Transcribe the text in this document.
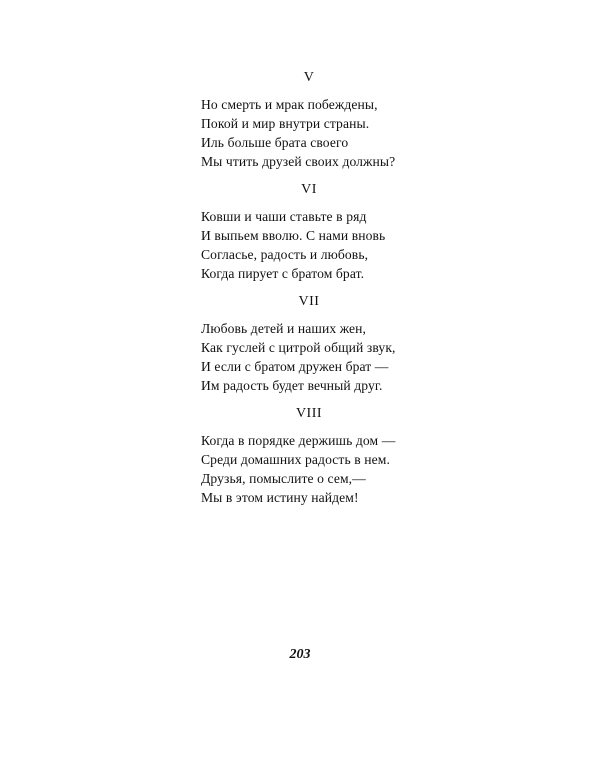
V
Но смерть и мрак побеждены,
Покой и мир внутри страны.
Иль больше брата своего
Мы чтить друзей своих должны?
VI
Ковши и чаши ставьте в ряд
И выпьем вволю. С нами вновь
Согласье, радость и любовь,
Когда пирует с братом брат.
VII
Любовь детей и наших жен,
Как гуслей с цитрой общий звук,
И если с братом дружен брат —
Им радость будет вечный друг.
VIII
Когда в порядке держишь дом —
Среди домашних радость в нем.
Друзья, помыслите о сем,—
Мы в этом истину найдем!
203
